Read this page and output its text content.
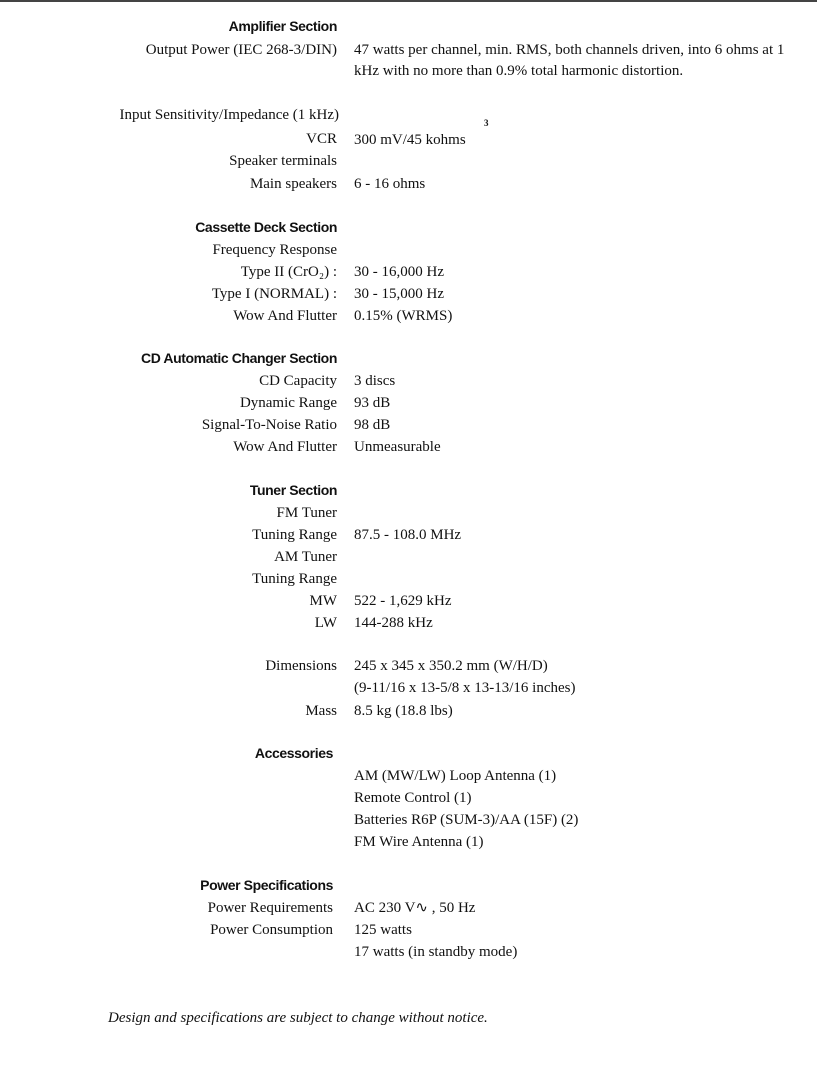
Amplifier Section
Output Power (IEC 268-3/DIN) 47 watts per channel, min. RMS, both channels driven, into 6 ohms at 1 kHz with no more than 0.9% total harmonic distortion.
Input Sensitivity/Impedance (1 kHz)
VCR 300 mV/45 kohms
3
Speaker terminals
Main speakers 6 - 16 ohms
Cassette Deck Section
Frequency Response
Type II (CrO₂) : 30 - 16,000 Hz
Type I (NORMAL) : 30 - 15,000 Hz
Wow And Flutter 0.15% (WRMS)
CD Automatic Changer Section
CD Capacity 3 discs
Dynamic Range 93 dB
Signal-To-Noise Ratio 98 dB
Wow And Flutter Unmeasurable
Tuner Section
FM Tuner
Tuning Range 87.5 - 108.0 MHz
AM Tuner
Tuning Range
MW 522 - 1,629 kHz
LW 144-288 kHz
Dimensions 245 x 345 x 350.2 mm (W/H/D)
(9-11/16 x 13-5/8 x 13-13/16 inches)
Mass 8.5 kg (18.8 lbs)
Accessories
AM (MW/LW) Loop Antenna (1)
Remote Control (1)
Batteries R6P (SUM-3)/AA (15F) (2)
FM Wire Antenna (1)
Power Specifications
Power Requirements AC 230 V∿ , 50 Hz
Power Consumption 125 watts
17 watts (in standby mode)
Design and specifications are subject to change without notice.
